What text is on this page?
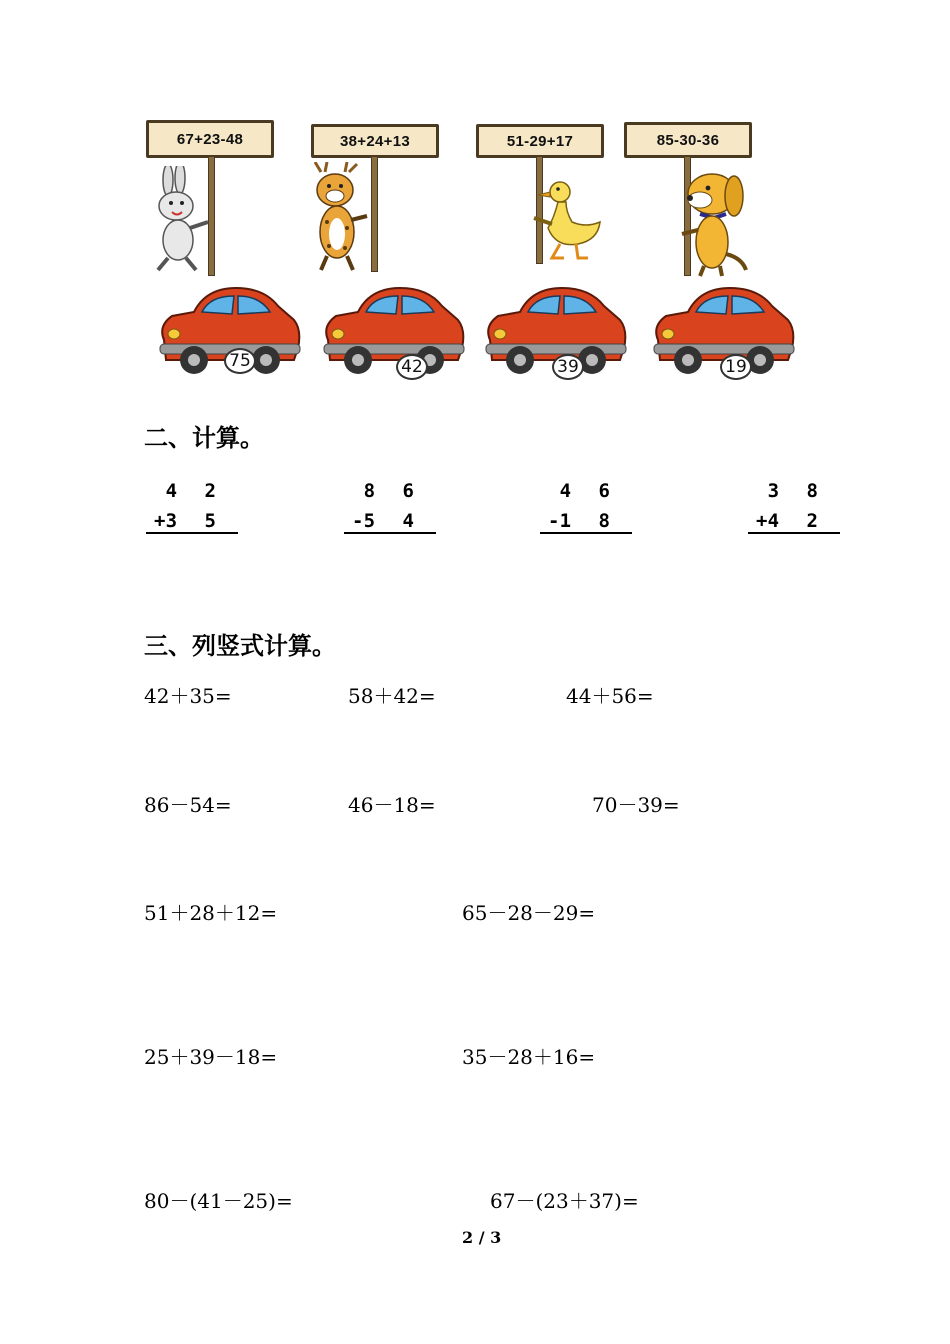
67+23-48	38+24+13	51-29+17	85-30-36
75	42	39	19
二、计算。
4 2
+ 3 5
8 6
- 5 4
4 6
- 1 8
3 8
+ 4 2
三、列竖式计算。
42＋35=	58＋42=	44＋56=
86－54=	46－18=	70－39=
51＋28＋12=	65－28－29=
25＋39－18=	35－28＋16=
80－(41－25)=	67－(23＋37)=
2 / 3
